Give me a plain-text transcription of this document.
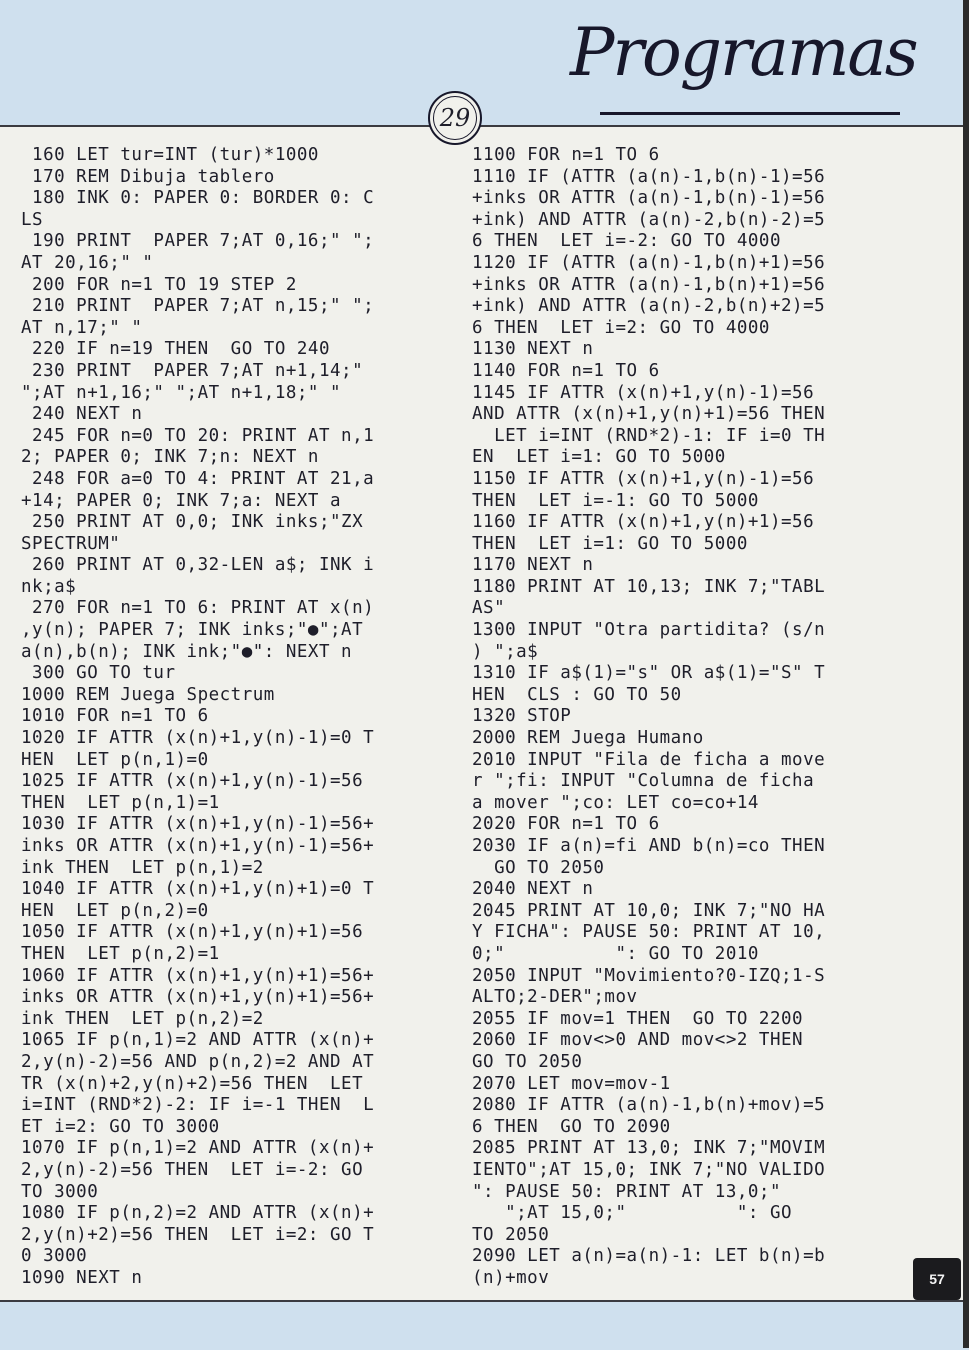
Programas
29
160 LET tur=INT (tur)*1000
170 REM Dibuja tablero
180 INK 0: PAPER 0: BORDER 0: C
LS
190 PRINT  PAPER 7;AT 0,16;" ";
AT 20,16;" "
200 FOR n=1 TO 19 STEP 2
210 PRINT  PAPER 7;AT n,15;" ";
AT n,17;" "
220 IF n=19 THEN  GO TO 240
230 PRINT  PAPER 7;AT n+1,14;"
";AT n+1,16;" ";AT n+1,18;" "
240 NEXT n
245 FOR n=0 TO 20: PRINT AT n,1
2; PAPER 0; INK 7;n: NEXT n
248 FOR a=0 TO 4: PRINT AT 21,a
+14; PAPER 0; INK 7;a: NEXT a
250 PRINT AT 0,0; INK inks;"ZX
SPECTRUM"
260 PRINT AT 0,32-LEN a$; INK i
nk;a$
270 FOR n=1 TO 6: PRINT AT x(n)
,y(n); PAPER 7; INK inks;"●";AT
a(n),b(n); INK ink;"●": NEXT n
300 GO TO tur
1000 REM Juega Spectrum
1010 FOR n=1 TO 6
1020 IF ATTR (x(n)+1,y(n)-1)=0 T
HEN  LET p(n,1)=0
1025 IF ATTR (x(n)+1,y(n)-1)=56
THEN  LET p(n,1)=1
1030 IF ATTR (x(n)+1,y(n)-1)=56+
inks OR ATTR (x(n)+1,y(n)-1)=56+
ink THEN  LET p(n,1)=2
1040 IF ATTR (x(n)+1,y(n)+1)=0 T
HEN  LET p(n,2)=0
1050 IF ATTR (x(n)+1,y(n)+1)=56
THEN  LET p(n,2)=1
1060 IF ATTR (x(n)+1,y(n)+1)=56+
inks OR ATTR (x(n)+1,y(n)+1)=56+
ink THEN  LET p(n,2)=2
1065 IF p(n,1)=2 AND ATTR (x(n)+
2,y(n)-2)=56 AND p(n,2)=2 AND AT
TR (x(n)+2,y(n)+2)=56 THEN  LET
i=INT (RND*2)-2: IF i=-1 THEN  L
ET i=2: GO TO 3000
1070 IF p(n,1)=2 AND ATTR (x(n)+
2,y(n)-2)=56 THEN  LET i=-2: GO
TO 3000
1080 IF p(n,2)=2 AND ATTR (x(n)+
2,y(n)+2)=56 THEN  LET i=2: GO T
0 3000
1090 NEXT n
1100 FOR n=1 TO 6
1110 IF (ATTR (a(n)-1,b(n)-1)=56
+inks OR ATTR (a(n)-1,b(n)-1)=56
+ink) AND ATTR (a(n)-2,b(n)-2)=5
6 THEN  LET i=-2: GO TO 4000
1120 IF (ATTR (a(n)-1,b(n)+1)=56
+inks OR ATTR (a(n)-1,b(n)+1)=56
+ink) AND ATTR (a(n)-2,b(n)+2)=5
6 THEN  LET i=2: GO TO 4000
1130 NEXT n
1140 FOR n=1 TO 6
1145 IF ATTR (x(n)+1,y(n)-1)=56
AND ATTR (x(n)+1,y(n)+1)=56 THEN
LET i=INT (RND*2)-1: IF i=0 TH
EN  LET i=1: GO TO 5000
1150 IF ATTR (x(n)+1,y(n)-1)=56
THEN  LET i=-1: GO TO 5000
1160 IF ATTR (x(n)+1,y(n)+1)=56
THEN  LET i=1: GO TO 5000
1170 NEXT n
1180 PRINT AT 10,13; INK 7;"TABL
AS"
1300 INPUT "Otra partidita? (s/n
) ";a$
1310 IF a$(1)="s" OR a$(1)="S" T
HEN  CLS : GO TO 50
1320 STOP
2000 REM Juega Humano
2010 INPUT "Fila de ficha a move
r ";fi: INPUT "Columna de ficha
a mover ";co: LET co=co+14
2020 FOR n=1 TO 6
2030 IF a(n)=fi AND b(n)=co THEN
GO TO 2050
2040 NEXT n
2045 PRINT AT 10,0; INK 7;"NO HA
Y FICHA": PAUSE 50: PRINT AT 10,
0;"          ": GO TO 2010
2050 INPUT "Movimiento?0-IZQ;1-S
ALTO;2-DER";mov
2055 IF mov=1 THEN  GO TO 2200
2060 IF mov<>0 AND mov<>2 THEN
GO TO 2050
2070 LET mov=mov-1
2080 IF ATTR (a(n)-1,b(n)+mov)=5
6 THEN  GO TO 2090
2085 PRINT AT 13,0; INK 7;"MOVIM
IENTO";AT 15,0; INK 7;"NO VALIDO
": PAUSE 50: PRINT AT 13,0;"
";AT 15,0;"          ": GO
TO 2050
2090 LET a(n)=a(n)-1: LET b(n)=b
(n)+mov	57
